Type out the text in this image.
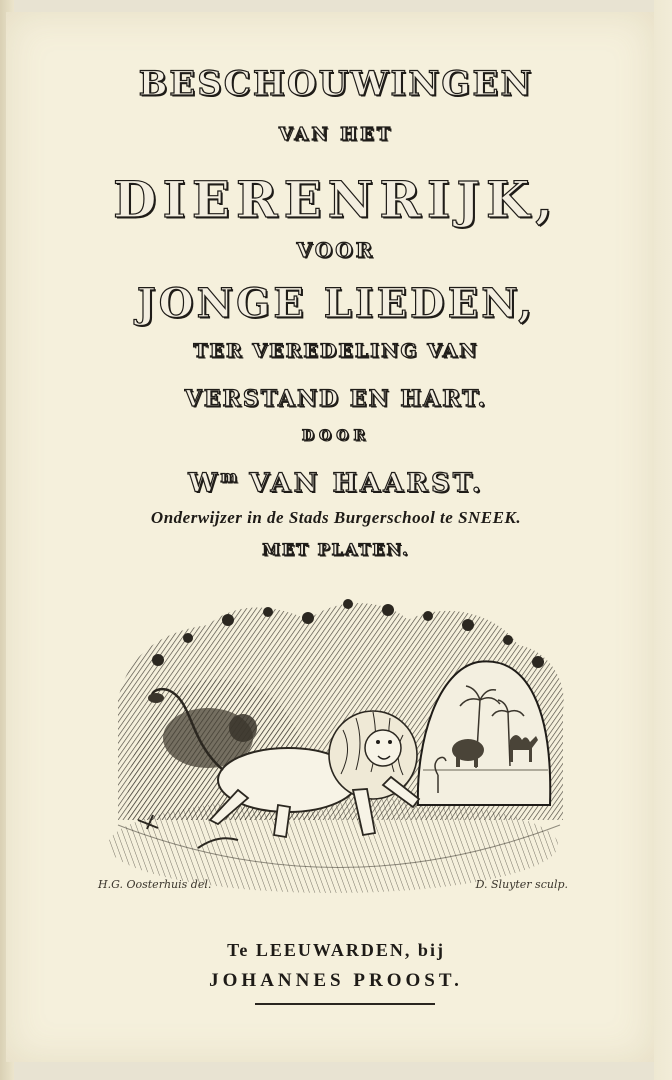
BESCHOUWINGEN
VAN HET
DIERENRIJK,
VOOR
JONGE LIEDEN,
TER VEREDELING VAN
VERSTAND EN HART.
DOOR
$W^m$ VAN HAARST.
Onderwijzer in de Stads Burgerschool te SNEEK.
MET PLATEN.
H.G. Oosterhuis del.	D. Sluyter sculp.
Te LEEUWARDEN, bij
JOHANNES PROOST.
